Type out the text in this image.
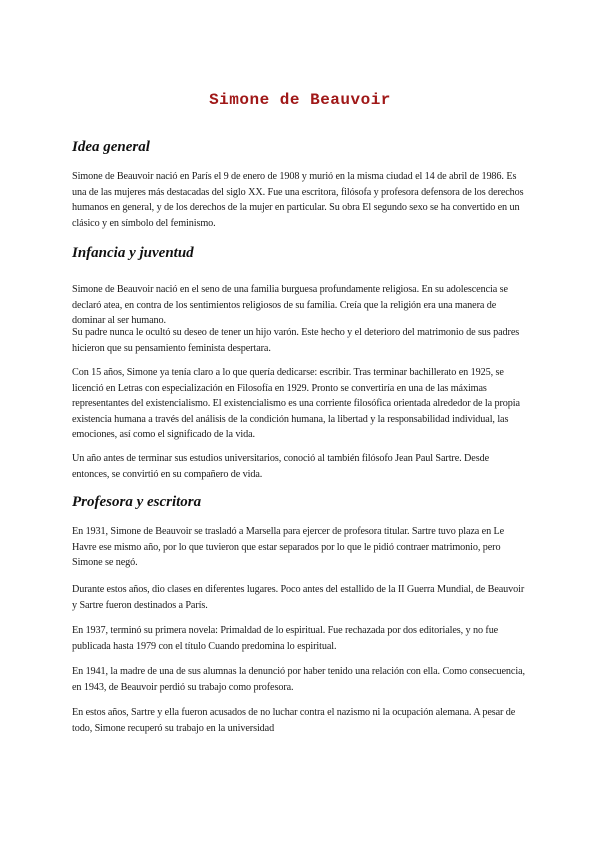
Simone de Beauvoir
Idea general

Simone de Beauvoir nació en París el 9 de enero de 1908 y murió en la misma ciudad el 14 de abril de 1986. Es una de las mujeres más destacadas del siglo XX. Fue una escritora, filósofa y profesora defensora de los derechos humanos en general, y de los derechos de la mujer en particular. Su obra El segundo sexo se ha convertido en un clásico y en símbolo del feminismo.

Infancia y juventud

Simone de Beauvoir nació en el seno de una familia burguesa profundamente religiosa. En su adolescencia se declaró atea, en contra de los sentimientos religiosos de su familia. Creía que la religión era una manera de dominar al ser humano.

Su padre nunca le ocultó su deseo de tener un hijo varón. Este hecho y el deterioro del matrimonio de sus padres hicieron que su pensamiento feminista despertara.

Con 15 años, Simone ya tenía claro a lo que quería dedicarse: escribir. Tras terminar bachillerato en 1925, se licenció en Letras con especialización en Filosofía en 1929. Pronto se convertiría en una de las máximas representantes del existencialismo. El existencialismo es una corriente filosófica orientada alrededor de la propia existencia humana a través del análisis de la condición humana, la libertad y la responsabilidad individual, las emociones, así como el significado de la vida.

Un año antes de terminar sus estudios universitarios, conoció al también filósofo Jean Paul Sartre. Desde entonces, se convirtió en su compañero de vida.

Profesora y escritora

En 1931, Simone de Beauvoir se trasladó a Marsella para ejercer de profesora titular. Sartre tuvo plaza en Le Havre ese mismo año, por lo que tuvieron que estar separados por lo que le pidió contraer matrimonio, pero Simone se negó.

Durante estos años, dio clases en diferentes lugares. Poco antes del estallido de la II Guerra Mundial, de Beauvoir y Sartre fueron destinados a París.

En 1937, terminó su primera novela: Primaldad de lo espiritual. Fue rechazada por dos editoriales, y no fue publicada hasta 1979 con el título Cuando predomina lo espiritual.

En 1941, la madre de una de sus alumnas la denunció por haber tenido una relación con ella. Como consecuencia, en 1943, de Beauvoir perdió su trabajo como profesora.

En estos años, Sartre y ella fueron acusados de no luchar contra el nazismo ni la ocupación alemana. A pesar de todo, Simone recuperó su trabajo en la universidad
